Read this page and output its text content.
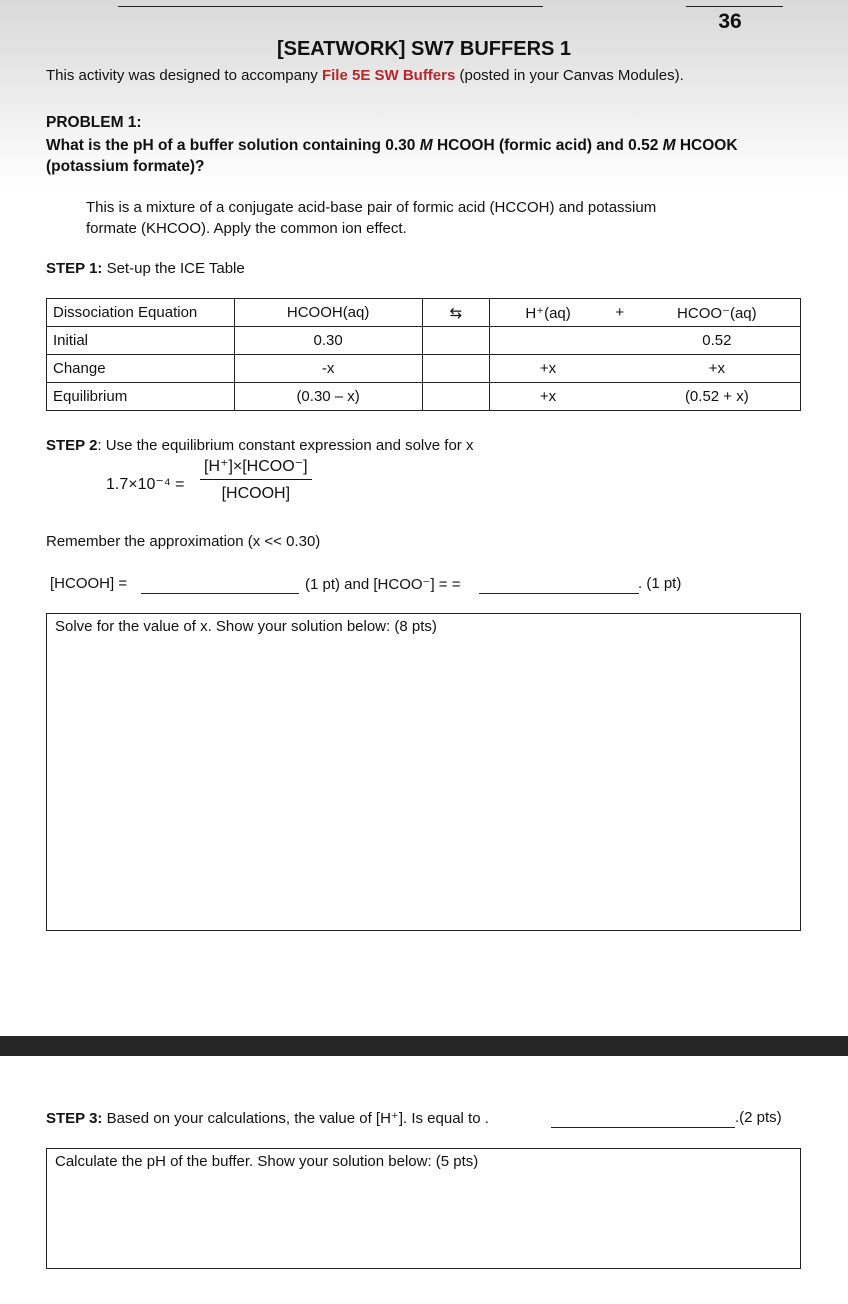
36
[SEATWORK] SW7 BUFFERS 1
This activity was designed to accompany File 5E SW Buffers (posted in your Canvas Modules).
PROBLEM 1:
What is the pH of a buffer solution containing 0.30 M HCOOH (formic acid) and 0.52 M HCOOK (potassium formate)?
This is a mixture of a conjugate acid-base pair of formic acid (HCCOH) and potassium formate (KHCOO). Apply the common ion effect.
STEP 1: Set-up the ICE Table
Dissociation Equation	HCOOH(aq)	⇆	H⁺(aq)	+	HCOO⁻(aq)
Initial	0.30				0.52
Change	-x		+x		+x
Equilibrium	(0.30 – x)		+x		(0.52 + x)
STEP 2: Use the equilibrium constant expression and solve for x
1.7×10⁻⁴ =
[H⁺]×[HCOO⁻]
[HCOOH]
Remember the approximation (x << 0.30)
[HCOOH] =	(1 pt) and [HCOO⁻] = =	. (1 pt)
Solve for the value of x. Show your solution below: (8 pts)
STEP 3: Based on your calculations, the value of [H⁺]. Is equal to .	.(2 pts)
Calculate the pH of the buffer. Show your solution below: (5 pts)
